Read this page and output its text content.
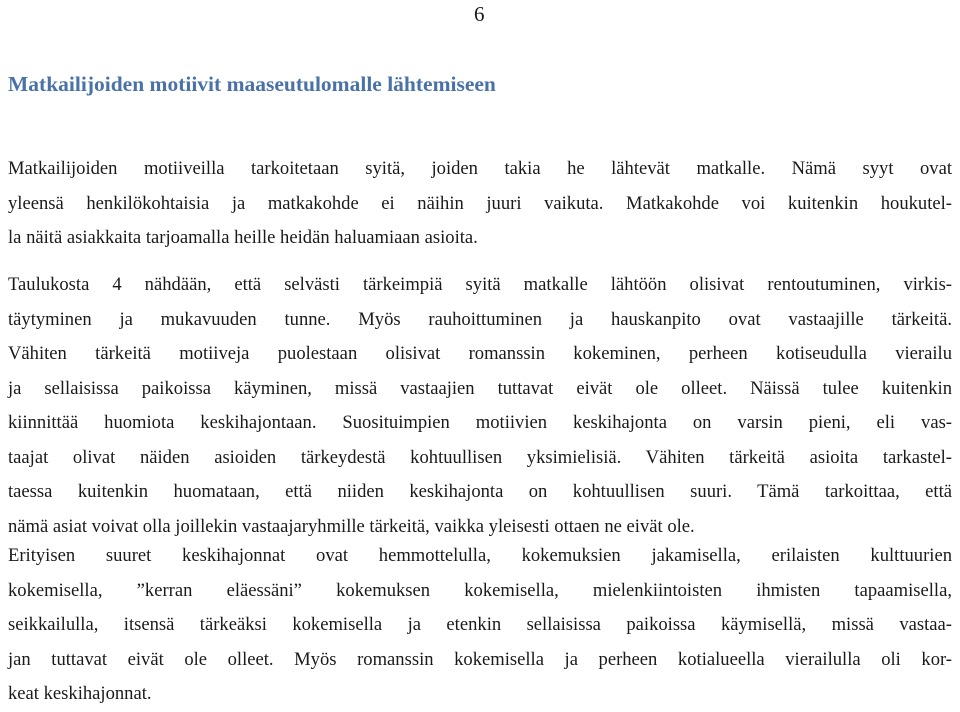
6
Matkailijoiden motiivit maaseutulomalle lähtemiseen
Matkailijoiden motiiveilla tarkoitetaan syitä, joiden takia he lähtevät matkalle. Nämä syyt ovat
yleensä henkilökohtaisia ja matkakohde ei näihin juuri vaikuta. Matkakohde voi kuitenkin houkutel-
la näitä asiakkaita tarjoamalla heille heidän haluamiaan asioita.
Taulukosta 4 nähdään, että selvästi tärkeimpiä syitä matkalle lähtöön olisivat rentoutuminen, virkis-
täytyminen ja mukavuuden tunne. Myös rauhoittuminen ja hauskanpito ovat vastaajille tärkeitä.
Vähiten tärkeitä motiiveja puolestaan olisivat romanssin kokeminen, perheen kotiseudulla vierailu
ja sellaisissa paikoissa käyminen, missä vastaajien tuttavat eivät ole olleet. Näissä tulee kuitenkin
kiinnittää huomiota keskihajontaan. Suosituimpien motiivien keskihajonta on varsin pieni, eli vas-
taajat olivat näiden asioiden tärkeydestä kohtuullisen yksimielisiä. Vähiten tärkeitä asioita tarkastel-
taessa kuitenkin huomataan, että niiden keskihajonta on kohtuullisen suuri. Tämä tarkoittaa, että
nämä asiat voivat olla joillekin vastaajaryhmille tärkeitä, vaikka yleisesti ottaen ne eivät ole.
Erityisen suuret keskihajonnat ovat hemmottelulla, kokemuksien jakamisella, erilaisten kulttuurien
kokemisella, ”kerran eläessäni” kokemuksen kokemisella, mielenkiintoisten ihmisten tapaamisella,
seikkailulla, itsensä tärkeäksi kokemisella ja etenkin sellaisissa paikoissa käymisellä, missä vastaa-
jan tuttavat eivät ole olleet. Myös romanssin kokemisella ja perheen kotialueella vierailulla oli kor-
keat keskihajonnat.
